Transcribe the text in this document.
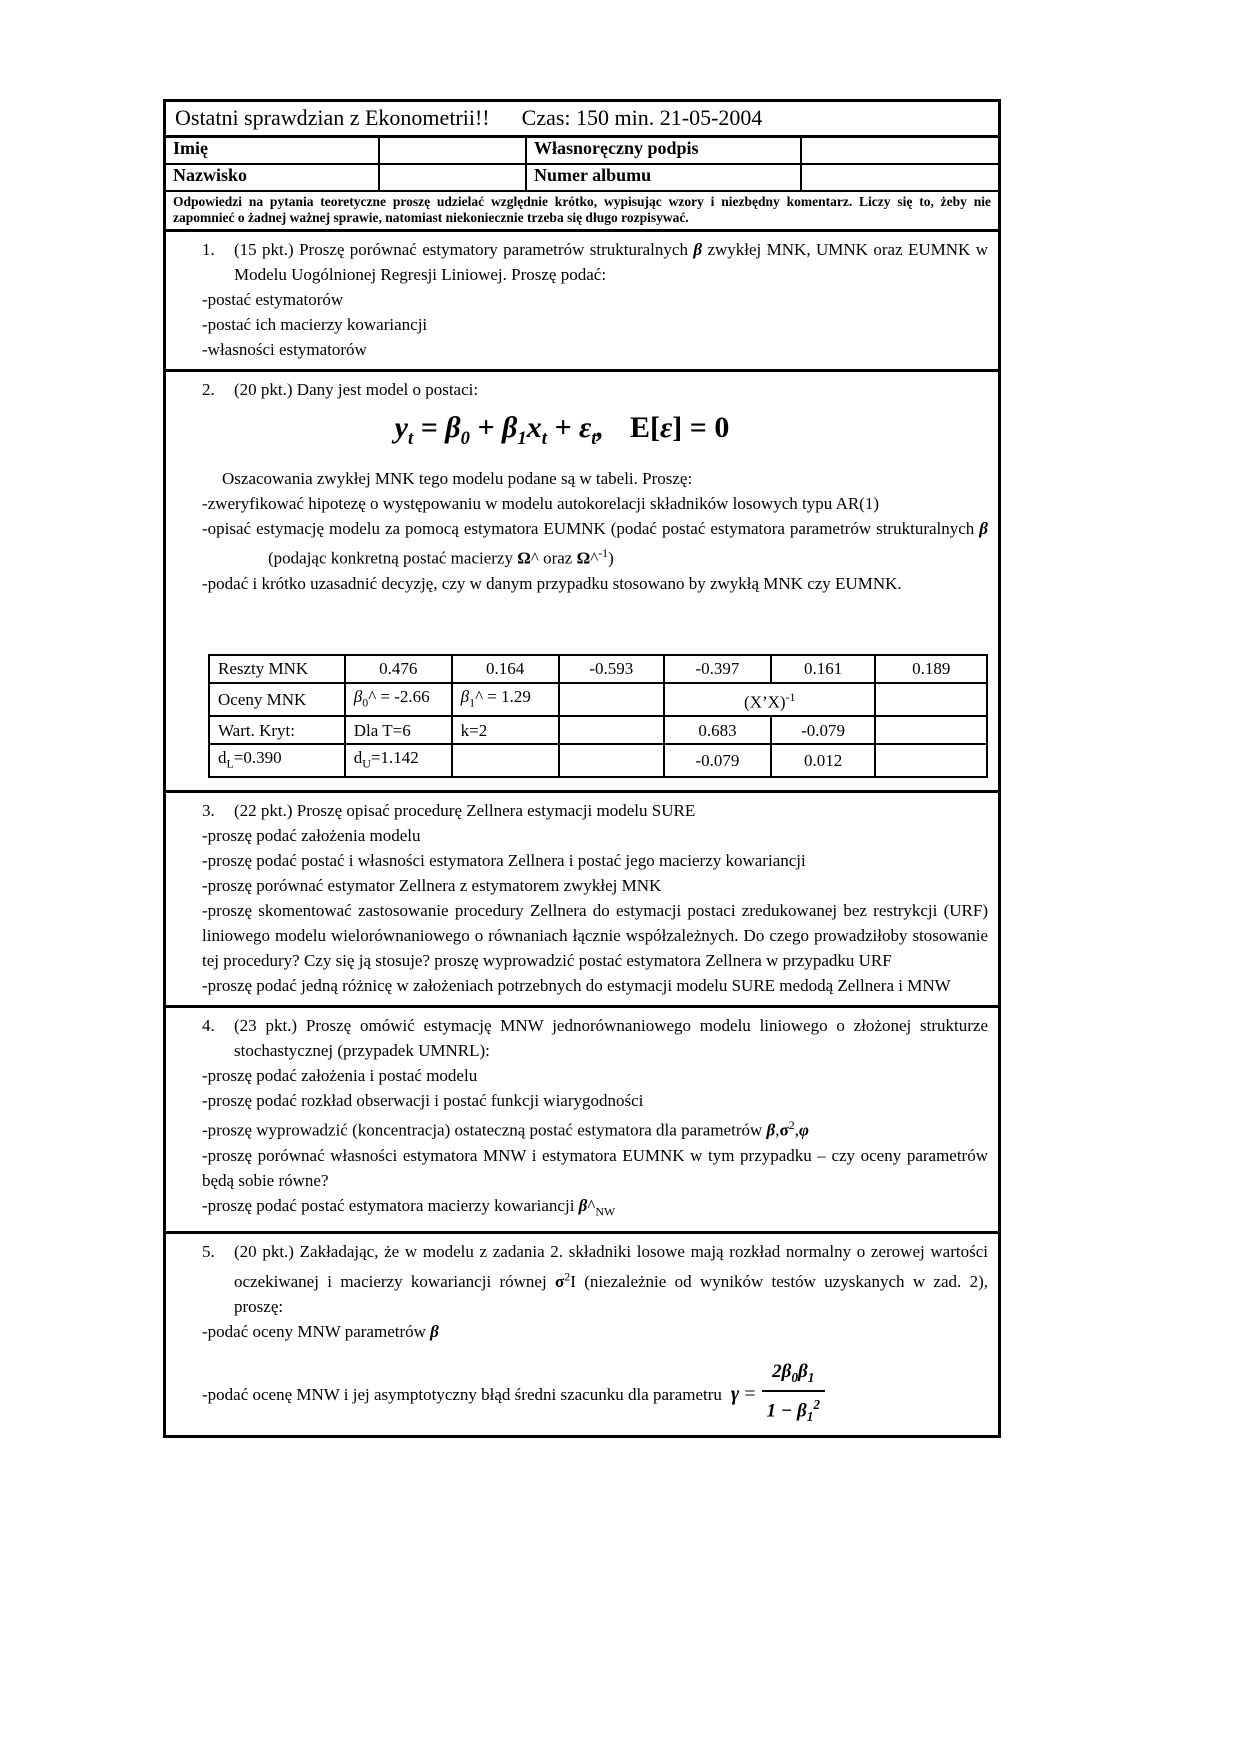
Ostatni sprawdzian z Ekonometrii!! Czas: 150 min. 21-05-2004
Imię	Własnoręczny podpis
Nazwisko	Numer albumu
Odpowiedzi na pytania teoretyczne proszę udzielać względnie krótko, wypisując wzory i niezbędny komentarz. Liczy się to, żeby nie zapomnieć o żadnej ważnej sprawie, natomiast niekoniecznie trzeba się długo rozpisywać.
1. (15 pkt.) Proszę porównać estymatory parametrów strukturalnych β zwykłej MNK, UMNK oraz EUMNK w Modelu Uogólnionej Regresji Liniowej. Proszę podać:
-postać estymatorów
-postać ich macierzy kowariancji
-własności estymatorów
2. (20 pkt.) Dany jest model o postaci:
$y_t = \beta_0 + \beta_1x_t + \varepsilon_t$, E[ε] = 0
Oszacowania zwykłej MNK tego modelu podane są w tabeli. Proszę:
-zweryfikować hipotezę o występowaniu w modelu autokorelacji składników losowych typu AR(1)
-opisać estymację modelu za pomocą estymatora EUMNK (podać postać estymatora parametrów strukturalnych β (podając konkretną postać macierzy Ω^ oraz Ω^$^{-1}$)
-podać i krótko uzasadnić decyzję, czy w danym przypadku stosowano by zwykłą MNK czy EUMNK.
Reszty MNK	0.476	0.164	-0.593	-0.397	0.161	0.189
Oceny MNK	$\beta_0\^{} = -2.66$	$\beta_1\^{} = 1.29$		(X’X)$^{-1}$	
Wart. Kryt:	Dla T=6	k=2		0.683	-0.079	
$d_L=0.390$	$d_U=1.142$			-0.079	0.012	
3. (22 pkt.) Proszę opisać procedurę Zellnera estymacji modelu SURE
-proszę podać założenia modelu
-proszę podać postać i własności estymatora Zellnera i postać jego macierzy kowariancji
-proszę porównać estymator Zellnera z estymatorem zwykłej MNK
-proszę skomentować zastosowanie procedury Zellnera do estymacji postaci zredukowanej bez restrykcji (URF) liniowego modelu wielorównaniowego o równaniach łącznie współzależnych. Do czego prowadziłoby stosowanie tej procedury? Czy się ją stosuje? proszę wyprowadzić postać estymatora Zellnera w przypadku URF
-proszę podać jedną różnicę w założeniach potrzebnych do estymacji modelu SURE medodą Zellnera i MNW
4. (23 pkt.) Proszę omówić estymację MNW jednorównaniowego modelu liniowego o złożonej strukturze stochastycznej (przypadek UMNRL):
-proszę podać założenia i postać modelu
-proszę podać rozkład obserwacji i postać funkcji wiarygodności
-proszę wyprowadzić (koncentracja) ostateczną postać estymatora dla parametrów $\beta,\sigma^2,\varphi$
-proszę porównać własności estymatora MNW i estymatora EUMNK w tym przypadku – czy oceny parametrów będą sobie równe?
-proszę podać postać estymatora macierzy kowariancji $\beta\^{}_{NW}$
5. (20 pkt.) Zakładając, że w modelu z zadania 2. składniki losowe mają rozkład normalny o zerowej wartości oczekiwanej i macierzy kowariancji równej $\sigma^2I$ (niezależnie od wyników testów uzyskanych w zad. 2), proszę:
-podać oceny MNW parametrów β
-podać ocenę MNW i jej asymptotyczny błąd średni szacunku dla parametru $\gamma = \frac{2\beta_0\beta_1}{1 - \beta_1^2}$
